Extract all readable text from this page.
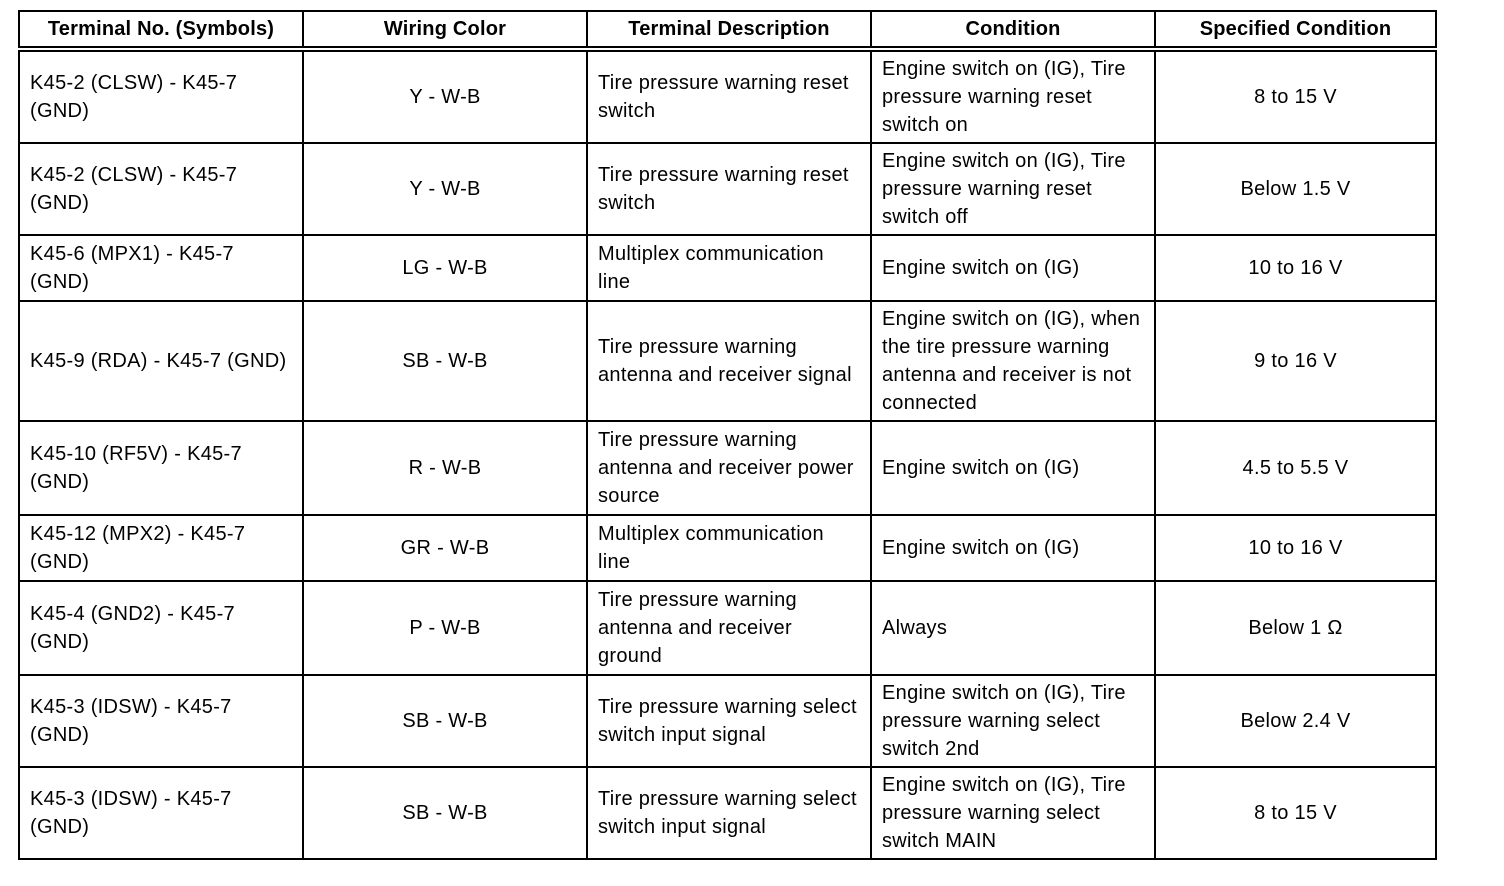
Terminal No. (Symbols)	Wiring Color	Terminal Description	Condition	Specified Condition
K45-2 (CLSW) - K45-7 (GND)	Y - W-B	Tire pressure warning reset switch	Engine switch on (IG), Tire pressure warning reset switch on	8 to 15 V
K45-2 (CLSW) - K45-7 (GND)	Y - W-B	Tire pressure warning reset switch	Engine switch on (IG), Tire pressure warning reset switch off	Below 1.5 V
K45-6 (MPX1) - K45-7 (GND)	LG - W-B	Multiplex communication line	Engine switch on (IG)	10 to 16 V
K45-9 (RDA) - K45-7 (GND)	SB - W-B	Tire pressure warning antenna and receiver signal	Engine switch on (IG), when the tire pressure warning antenna and receiver is not connected	9 to 16 V
K45-10 (RF5V) - K45-7 (GND)	R - W-B	Tire pressure warning antenna and receiver power source	Engine switch on (IG)	4.5 to 5.5 V
K45-12 (MPX2) - K45-7 (GND)	GR - W-B	Multiplex communication line	Engine switch on (IG)	10 to 16 V
K45-4 (GND2) - K45-7 (GND)	P - W-B	Tire pressure warning antenna and receiver ground	Always	Below 1 Ω
K45-3 (IDSW) - K45-7 (GND)	SB - W-B	Tire pressure warning select switch input signal	Engine switch on (IG), Tire pressure warning select switch 2nd	Below 2.4 V
K45-3 (IDSW) - K45-7 (GND)	SB - W-B	Tire pressure warning select switch input signal	Engine switch on (IG), Tire pressure warning select switch MAIN	8 to 15 V
